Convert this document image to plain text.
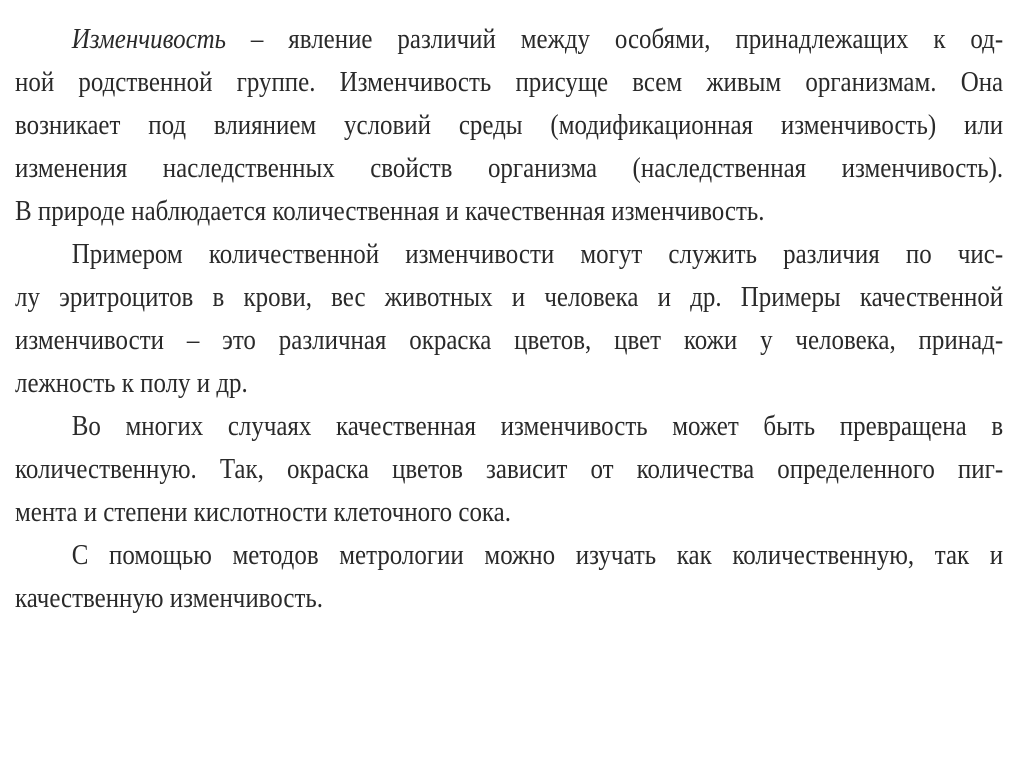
Изменчивость – явление различий между особями, принадлежащих к од-
ной родственной группе. Изменчивость присуще всем живым организмам. Она
возникает под влиянием условий среды (модификационная изменчивость) или
изменения наследственных свойств организма (наследственная изменчивость).
В природе наблюдается количественная и качественная изменчивость.
Примером количественной изменчивости могут служить различия по чис-
лу эритроцитов в крови, вес животных и человека и др. Примеры качественной
изменчивости – это различная окраска цветов, цвет кожи у человека, принад-
лежность к полу и др.
Во многих случаях качественная изменчивость может быть превращена в
количественную. Так, окраска цветов зависит от количества определенного пиг-
мента и степени кислотности клеточного сока.
С помощью методов метрологии можно изучать как количественную, так и
качественную изменчивость.
